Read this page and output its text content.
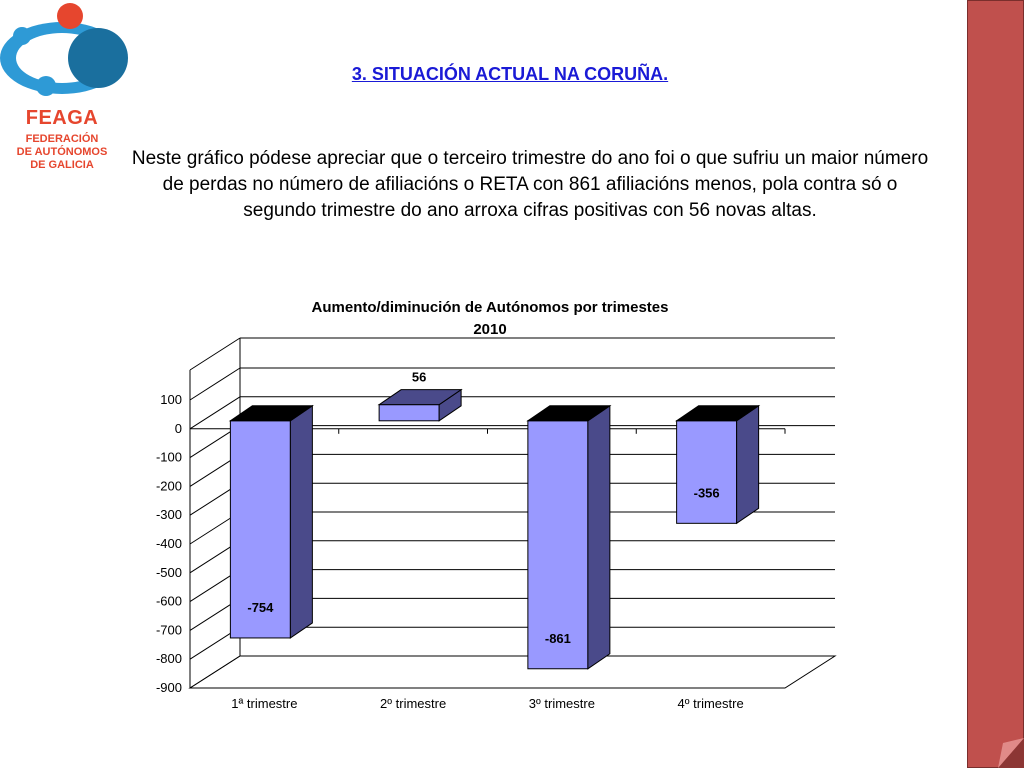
FEAGA
FEDERACIÓN
DE AUTÓNOMOS
DE GALICIA
3. SITUACIÓN ACTUAL NA CORUÑA.

Neste gráfico pódese apreciar que o terceiro trimestre do ano foi o que sufriu un maior número de perdas no número de afiliacións o RETA con 861 afiliacións menos, pola contra só o segundo trimestre do ano arroxa cifras positivas con 56 novas altas.

Aumento/diminución de Autónomos por trimestes
2010
100
0
-100
-200
-300
-400
-500
-600
-700
-800
-900
1ª trimestre	2º trimestre	3º trimestre	4º trimestre
-754
56
-861
-356
